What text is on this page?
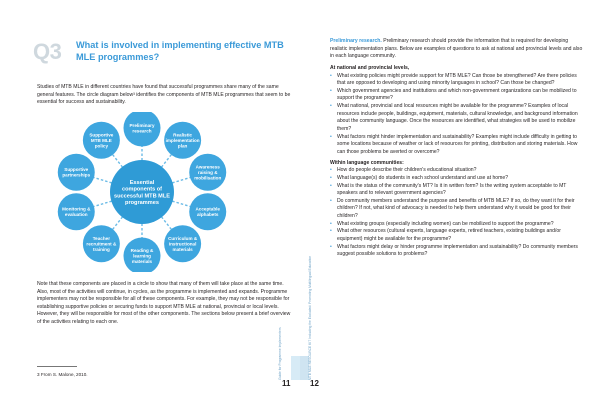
Q3 What is involved in implementing effective MTB MLE programmes?
Studies of MTB MLE in different countries have found that successful programmes share many of the same general features. The circle diagram below³ identifies the components of MTB MLE programmes that seem to be essential for success and sustainability.
Preliminary research
Realistic implementation plan
Awareness raising & mobilisation
Acceptable alphabets
Curriculum & instructional materials
Reading & learning materials
Teacher recruitment & training
Monitoring & evaluation
Supportive partnerships
Supportive MTB MLE policy
Essential components of successful MTB MLE programmes
Note that these components are placed in a circle to show that many of them will take place at the same time. Also, most of the activities will continue, in cycles, as the programme is implemented and expands. Programme implementers may not be responsible for all of these components. For example, they may not be responsible for establishing supportive policies or securing funds to support MTB MLE at national, provincial or local levels. However, they will be responsible for most of the other components. The sections below present a brief overview of the activities relating to each one.
3 From S. Malone, 2010.	Guide for Programme Implementers
11
MTB MLE RESOURCE KIT Including the Excluded: Promoting Multilingual Education
12
Preliminary research. Preliminary research should provide the information that is required for developing realistic implementation plans. Below are examples of questions to ask at national and provincial levels and also in each language community.
At national and provincial levels,
• What existing policies might provide support for MTB MLE? Can those be strengthened? Are there policies that are opposed to developing and using minority languages in school? Can those be changed?
• Which government agencies and institutions and which non-government organizations can be mobilized to support the programme?
• What national, provincial and local resources might be available for the programme? Examples of local resources include people, buildings, equipment, materials, cultural knowledge, and background information about the community language. Once the resources are identified, what strategies will be used to mobilize them?
• What factors might hinder implementation and sustainability? Examples might include difficulty in getting to some locations because of weather or lack of resources for printing, distribution and storing materials. How can those problems be averted or overcome?
Within language communities:
• How do people describe their children's educational situation?
• What language(s) do students in each school understand and use at home?
• What is the status of the community's MT? Is it in written form? Is the writing system acceptable to MT speakers and to relevant government agencies?
• Do community members understand the purpose and benefits of MTB MLE? If so, do they want it for their children? If not, what kind of advocacy is needed to help them understand why it would be good for their children?
• What existing groups (especially including women) can be mobilized to support the programme?
• What other resources (cultural experts, language experts, retired teachers, existing buildings and/or equipment) might be available for the programme?
• What factors might delay or hinder programme implementation and sustainability? Do community members suggest possible solutions to problems?
